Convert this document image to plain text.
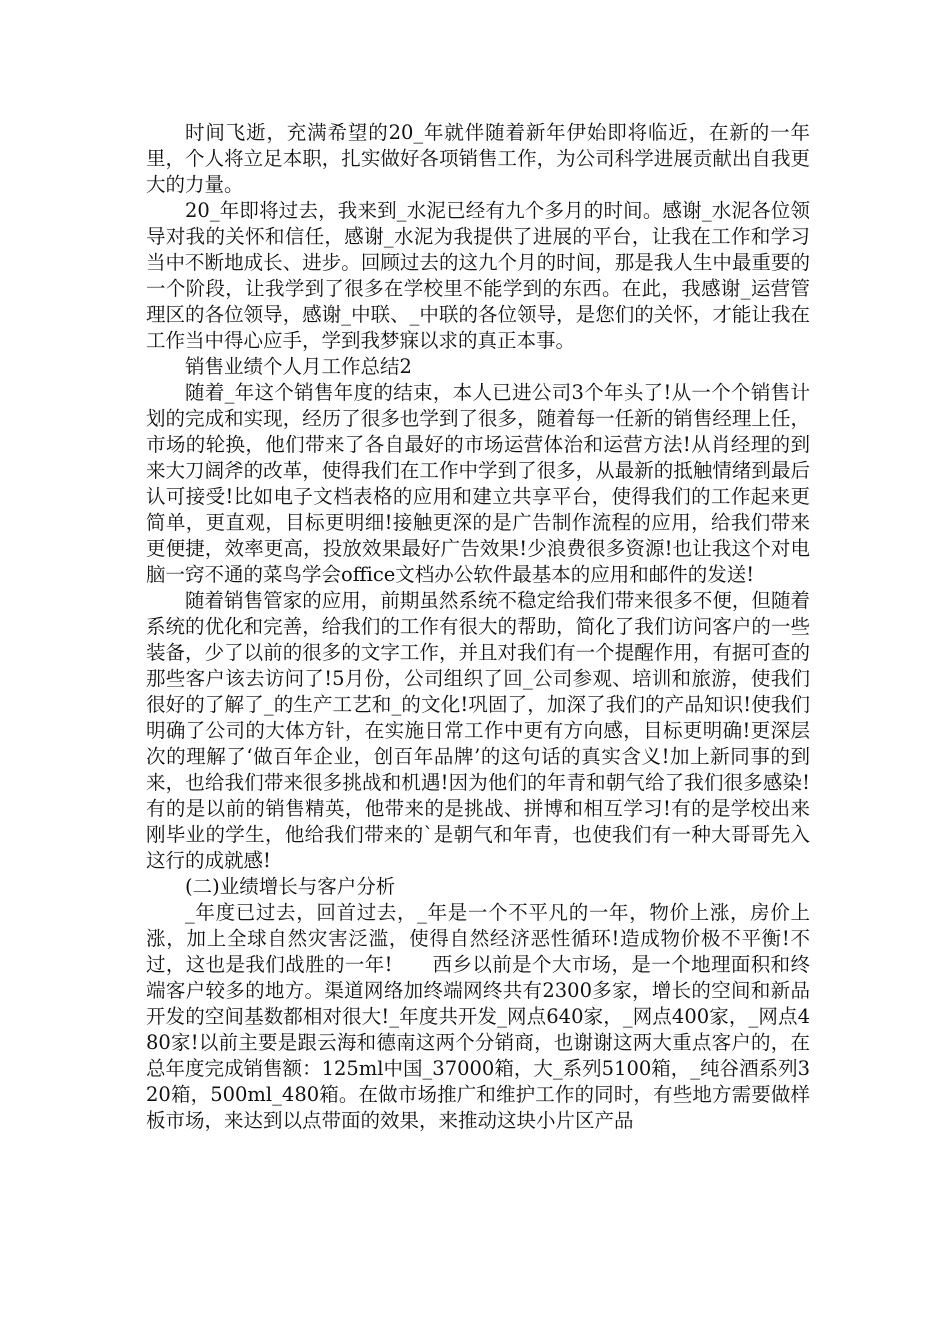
时间飞逝，充满希望的20_年就伴随着新年伊始即将临近，在新的一年里，个人将立足本职，扎实做好各项销售工作，为公司科学进展贡献出自我更大的力量。

20_年即将过去，我来到_水泥已经有九个多月的时间。感谢_水泥各位领导对我的关怀和信任，感谢_水泥为我提供了进展的平台，让我在工作和学习当中不断地成长、进步。回顾过去的这九个月的时间，那是我人生中最重要的一个阶段，让我学到了很多在学校里不能学到的东西。在此，我感谢_运营管理区的各位领导，感谢_中联、_中联的各位领导，是您们的关怀，才能让我在工作当中得心应手，学到我梦寐以求的真正本事。

销售业绩个人月工作总结2

随着_年这个销售年度的结束，本人已进公司3个年头了!从一个个销售计划的完成和实现，经历了很多也学到了很多，随着每一任新的销售经理上任，市场的轮换，他们带来了各自最好的市场运营体治和运营方法!从肖经理的到来大刀阔斧的改革，使得我们在工作中学到了很多，从最新的抵触情绪到最后认可接受!比如电子文档表格的应用和建立共享平台，使得我们的工作起来更简单，更直观，目标更明细!接触更深的是广告制作流程的应用，给我们带来更便捷，效率更高，投放效果最好广告效果!少浪费很多资源!也让我这个对电脑一窍不通的菜鸟学会office文档办公软件最基本的应用和邮件的发送!

随着销售管家的应用，前期虽然系统不稳定给我们带来很多不便，但随着系统的优化和完善，给我们的工作有很大的帮助，简化了我们访问客户的一些装备，少了以前的很多的文字工作，并且对我们有一个提醒作用，有据可查的那些客户该去访问了!5月份，公司组织了回_公司参观、培训和旅游，使我们很好的了解了_的生产工艺和_的文化!巩固了，加深了我们的产品知识!使我们明确了公司的大体方针，在实施日常工作中更有方向感，目标更明确!更深层次的理解了‘做百年企业，创百年品牌’的这句话的真实含义!加上新同事的到来，也给我们带来很多挑战和机遇!因为他们的年青和朝气给了我们很多感染!有的是以前的销售精英，他带来的是挑战、拼博和相互学习!有的是学校出来刚毕业的学生，他给我们带来的`是朝气和年青，也使我们有一种大哥哥先入这行的成就感!

(二)业绩增长与客户分析

_年度已过去，回首过去，_年是一个不平凡的一年，物价上涨，房价上涨，加上全球自然灾害泛滥，使得自然经济恶性循环!造成物价极不平衡!不过，这也是我们战胜的一年!　　西乡以前是个大市场，是一个地理面积和终端客户较多的地方。渠道网络加终端网终共有2300多家，增长的空间和新品开发的空间基数都相对很大!_年度共开发_网点640家，_网点400家，_网点480家!以前主要是跟云海和德南这两个分销商，也谢谢这两大重点客户的，在总年度完成销售额：125ml中国_37000箱，大_系列5100箱，_纯谷酒系列320箱，500ml_480箱。在做市场推广和维护工作的同时，有些地方需要做样板市场，来达到以点带面的效果，来推动这块小片区产品
